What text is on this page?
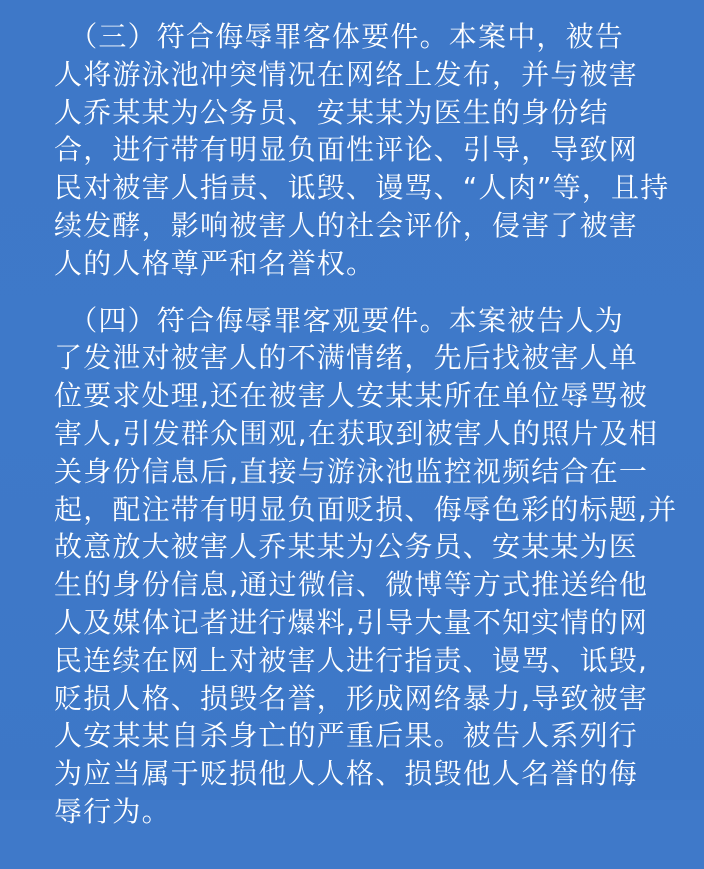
　（三）符合侮辱罪客体要件。本案中，被告
人将游泳池冲突情况在网络上发布，并与被害
人乔某某为公务员、安某某为医生的身份结
合，进行带有明显负面性评论、引导，导致网
民对被害人指责、诋毁、谩骂、“人肉”等，且持
续发酵，影响被害人的社会评价，侵害了被害
人的人格尊严和名誉权。
　（四）符合侮辱罪客观要件。本案被告人为
了发泄对被害人的不满情绪，先后找被害人单
位要求处理,还在被害人安某某所在单位辱骂被
害人,引发群众围观,在获取到被害人的照片及相
关身份信息后,直接与游泳池监控视频结合在一
起，配注带有明显负面贬损、侮辱色彩的标题,并
故意放大被害人乔某某为公务员、安某某为医
生的身份信息,通过微信、微博等方式推送给他
人及媒体记者进行爆料,引导大量不知实情的网
民连续在网上对被害人进行指责、谩骂、诋毁,
贬损人格、损毁名誉，形成网络暴力,导致被害
人安某某自杀身亡的严重后果。被告人系列行
为应当属于贬损他人人格、损毁他人名誉的侮
辱行为。
